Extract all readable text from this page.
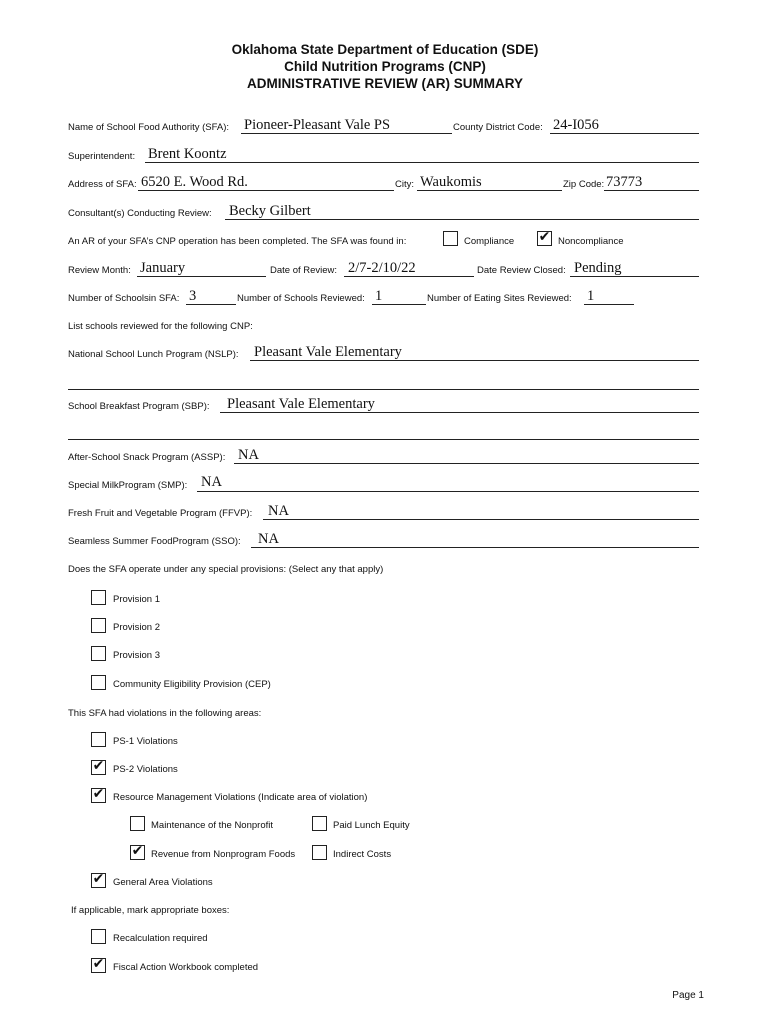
Oklahoma State Department of Education (SDE)
Child Nutrition Programs (CNP)
ADMINISTRATIVE REVIEW (AR) SUMMARY
Name of School Food Authority (SFA): Pioneer-Pleasant Vale PS	County District Code: 24-I056
Superintendent: Brent Koontz
Address of SFA: 6520 E. Wood Rd.	City: Waukomis	Zip Code: 73773
Consultant(s) Conducting Review: Becky Gilbert
An AR of your SFA’s CNP operation has been completed. The SFA was found in:	Compliance ✔ Noncompliance
Review Month: January	Date of Review: 2/7-2/10/22	Date Review Closed: Pending
Number of Schoolsin SFA: 3	Number of Schools Reviewed: 1	Number of Eating Sites Reviewed: 1
List schools reviewed for the following CNP:
National School Lunch Program (NSLP): Pleasant Vale Elementary
School Breakfast Program (SBP): Pleasant Vale Elementary
After-School Snack Program (ASSP): NA
Special MilkProgram (SMP): NA
Fresh Fruit and Vegetable Program (FFVP): NA
Seamless Summer FoodProgram (SSO): NA
Does the SFA operate under any special provisions: (Select any that apply)
Provision 1
Provision 2
Provision 3
Community Eligibility Provision (CEP)
This SFA had violations in the following areas:
PS-1 Violations
✔ PS-2 Violations
✔ Resource Management Violations (Indicate area of violation)
Maintenance of the Nonprofit	Paid Lunch Equity
✔ Revenue from Nonprogram Foods	Indirect Costs
✔ General Area Violations
If applicable, mark appropriate boxes:
Recalculation required
✔ Fiscal Action Workbook completed
Page 1
